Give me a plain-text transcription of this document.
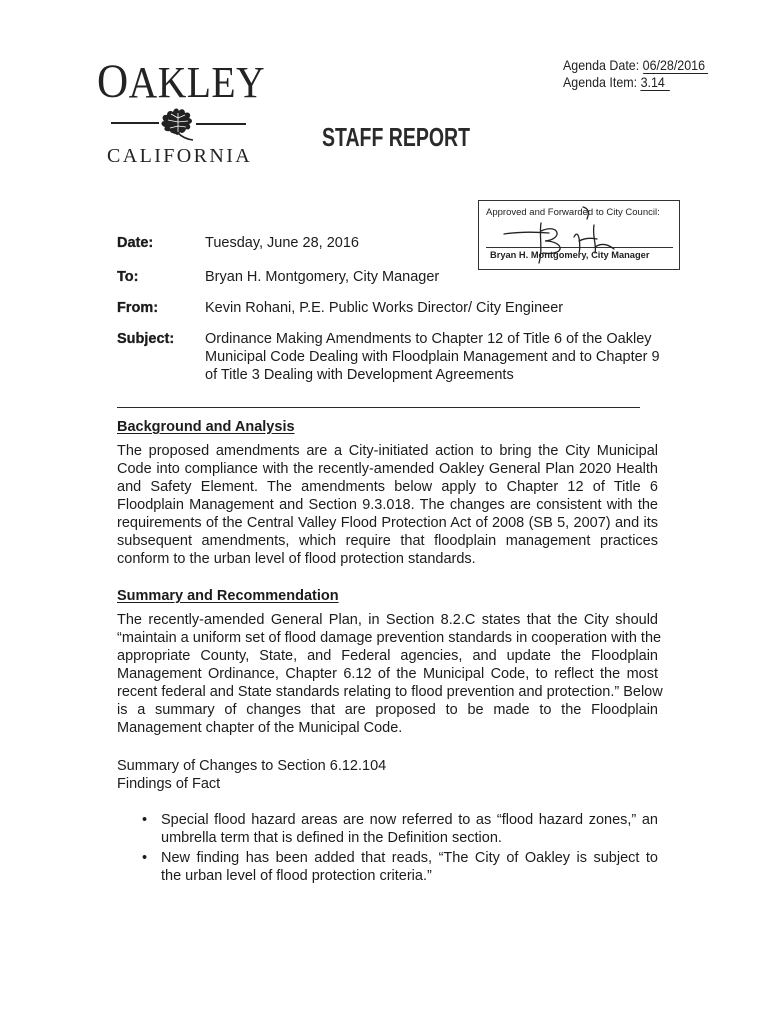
Agenda Date: 06/28/2016
Agenda Item: 3.14
OAKLEY
CALIFORNIA
STAFF REPORT
Approved and Forwarded to City Council:
Bryan H. Montgomery, City Manager
Date:	Tuesday, June 28, 2016
To:	Bryan H. Montgomery, City Manager
From:	Kevin Rohani, P.E. Public Works Director/ City Engineer
Subject: Ordinance Making Amendments to Chapter 12 of Title 6 of the Oakley
Municipal Code Dealing with Floodplain Management and to Chapter 9
of Title 3 Dealing with Development Agreements
Background and Analysis
The proposed amendments are a City-initiated action to bring the City Municipal
Code into compliance with the recently-amended Oakley General Plan 2020 Health
and Safety Element. The amendments below apply to Chapter 12 of Title 6
Floodplain Management and Section 9.3.018. The changes are consistent with the
requirements of the Central Valley Flood Protection Act of 2008 (SB 5, 2007) and its
subsequent amendments, which require that floodplain management practices
conform to the urban level of flood protection standards.
Summary and Recommendation
The recently-amended General Plan, in Section 8.2.C states that the City should
“maintain a uniform set of flood damage prevention standards in cooperation with the
appropriate County, State, and Federal agencies, and update the Floodplain
Management Ordinance, Chapter 6.12 of the Municipal Code, to reflect the most
recent federal and State standards relating to flood prevention and protection.” Below
is a summary of changes that are proposed to be made to the Floodplain
Management chapter of the Municipal Code.
Summary of Changes to Section 6.12.104
Findings of Fact
• Special flood hazard areas are now referred to as “flood hazard zones,” an
umbrella term that is defined in the Definition section.
• New finding has been added that reads, “The City of Oakley is subject to
the urban level of flood protection criteria.”
